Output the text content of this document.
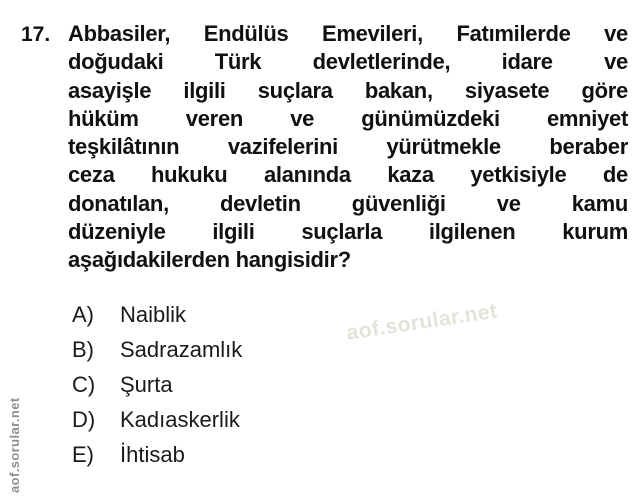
17. Abbasiler, Endülüs Emevileri, Fatımilerde ve
doğudaki Türk devletlerinde, idare ve
asayişle ilgili suçlara bakan, siyasete göre
hüküm veren ve günümüzdeki emniyet
teşkilâtının vazifelerini yürütmekle beraber
ceza hukuku alanında kaza yetkisiyle de
donatılan, devletin güvenliği ve kamu
düzeniyle ilgili suçlarla ilgilenen kurum
aşağıdakilerden hangisidir?
A)	Naiblik
B)	Sadrazamlık
C)	Şurta
D)	Kadıaskerlik
E)	İhtisab
aof.sorular.net
aof.sorular.net
